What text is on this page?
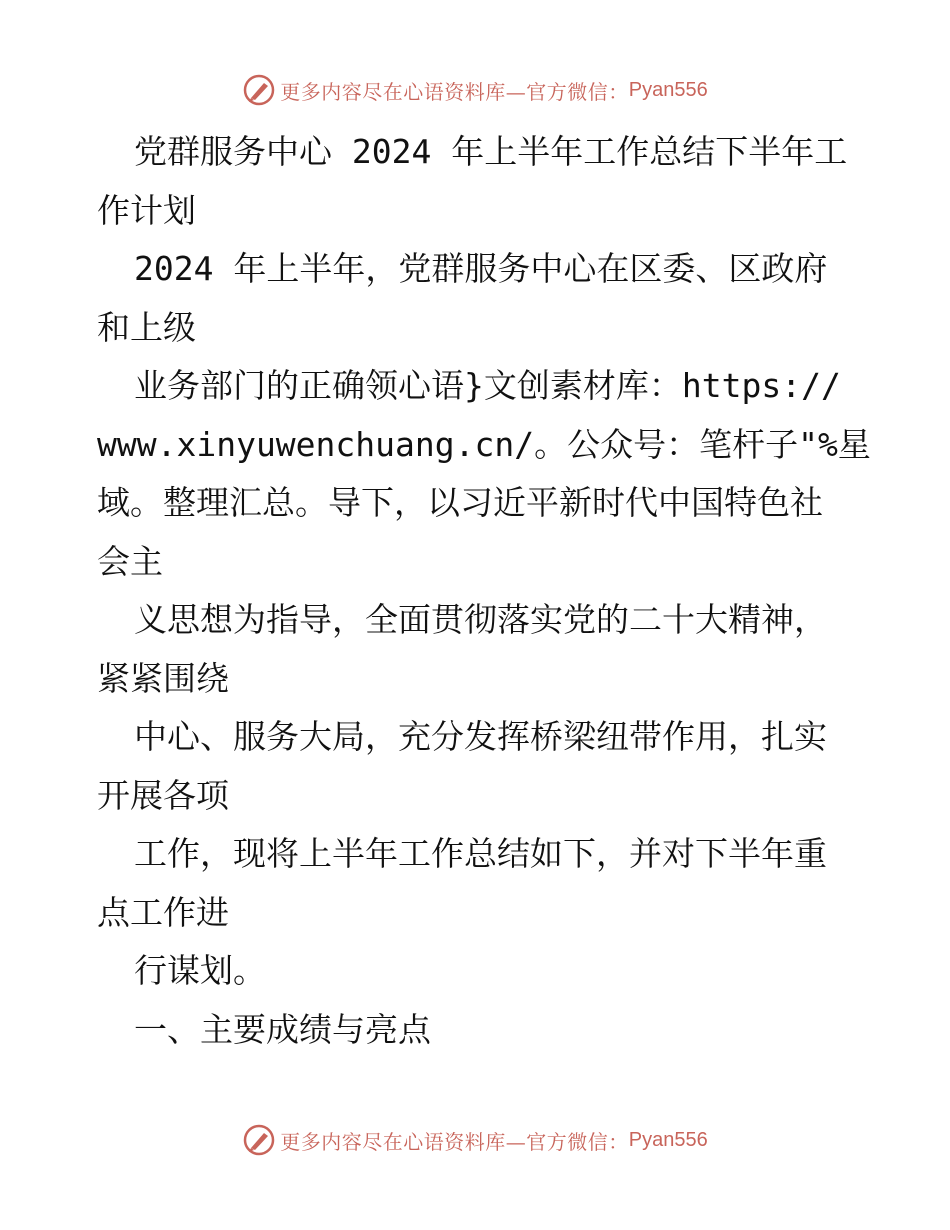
更多内容尽在心语资料库—官方微信： Pyan556
党群服务中心 2024 年上半年工作总结下半年工
作计划
2024 年上半年，党群服务中心在区委、区政府
和上级
业务部门的正确领心语}文创素材库：https://
www.xinyuwenchuang.cn/。公众号：笔杆子"%星
域。整理汇总。导下，以习近平新时代中国特色社
会主
义思想为指导，全面贯彻落实党的二十大精神，
紧紧围绕
中心、服务大局，充分发挥桥梁纽带作用，扎实
开展各项
工作，现将上半年工作总结如下，并对下半年重
点工作进
行谋划。
一、主要成绩与亮点
更多内容尽在心语资料库—官方微信： Pyan556
